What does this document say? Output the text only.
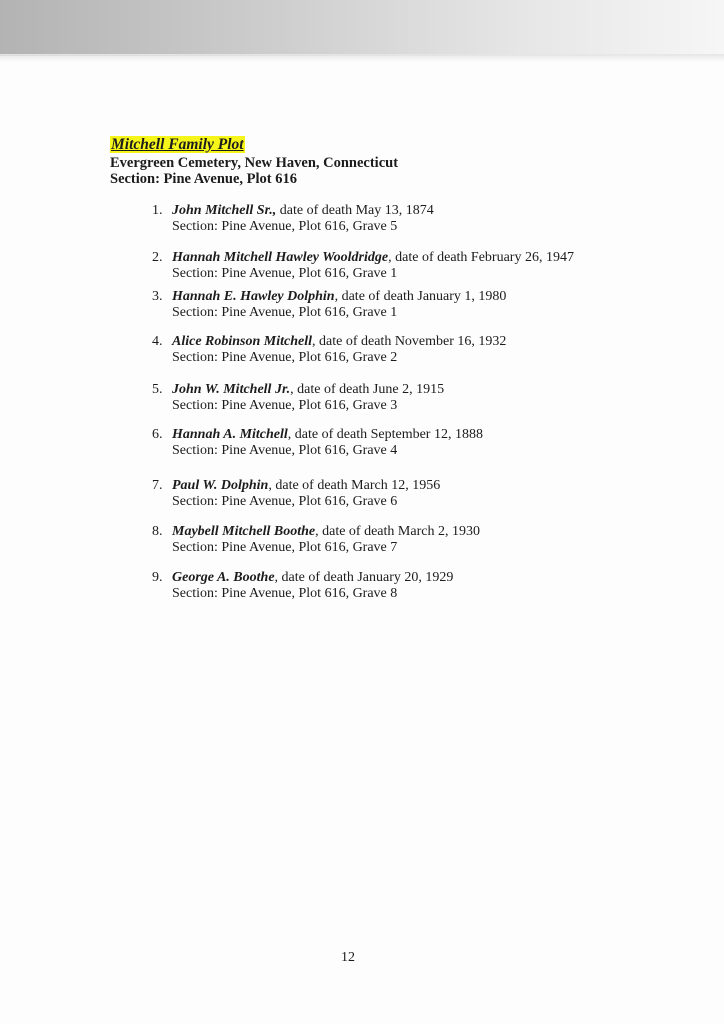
Mitchell Family Plot
Evergreen Cemetery, New Haven, Connecticut
Section: Pine Avenue, Plot 616
1. John Mitchell Sr., date of death May 13, 1874
Section: Pine Avenue, Plot 616, Grave 5
2. Hannah Mitchell Hawley Wooldridge, date of death February 26, 1947
Section: Pine Avenue, Plot 616, Grave 1
3. Hannah E. Hawley Dolphin, date of death January 1, 1980
Section: Pine Avenue, Plot 616, Grave 1
4. Alice Robinson Mitchell, date of death November 16, 1932
Section: Pine Avenue, Plot 616, Grave 2
5. John W. Mitchell Jr., date of death June 2, 1915
Section: Pine Avenue, Plot 616, Grave 3
6. Hannah A. Mitchell, date of death September 12, 1888
Section: Pine Avenue, Plot 616, Grave 4
7. Paul W. Dolphin, date of death March 12, 1956
Section: Pine Avenue, Plot 616, Grave 6
8. Maybell Mitchell Boothe, date of death March 2, 1930
Section: Pine Avenue, Plot 616, Grave 7
9. George A. Boothe, date of death January 20, 1929
Section: Pine Avenue, Plot 616, Grave 8
12
